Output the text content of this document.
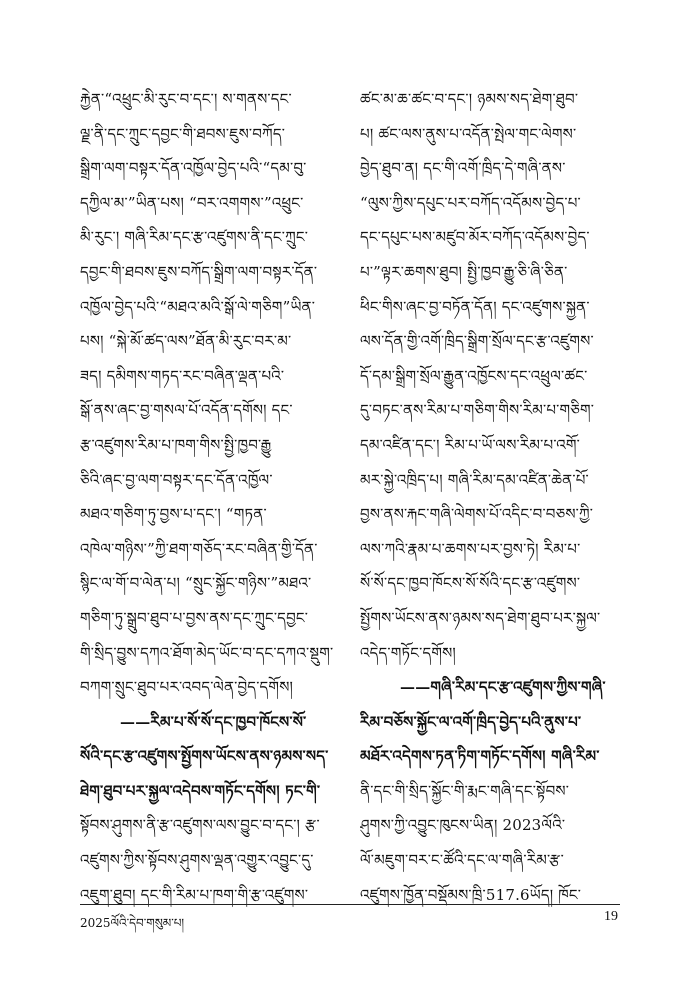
རྐྱེན་“འཕྲུང་མི་རུང་བ་དང་། ས་གནས་དང་
ལྗ་ནི་དང་ཀྲུང་དབྱང་གི་ཐབས་ཇུས་བཀོད་
སྒྲིག་ལག་བསྟར་དོན་འཁྱོལ་བྱེད་པའི་“དམ་བུ་
དཀྱིལ་མ་”ཡིན་པས། “བར་འགགས་”འཕྲུང་
མི་རུང་། གཞི་རིམ་དང་རྩ་འཛུགས་ནི་དང་ཀྲུང་
དབྱང་གི་ཐབས་ཇུས་བཀོད་སྒྲིག་ལག་བསྟར་དོན་
འཁྱོལ་བྱེད་པའི་“མཐའ་མའི་སྒོ་ལེ་གཅིག”ཡིན་
པས། “སྐེ་མོ་ཚད་ལས”ཐོན་མི་རུང་བར་མ་
ཟད། དམིགས་གཏད་རང་བཞིན་ལྡན་པའི་
སྒོ་ནས་ཞང་བྱ་གསལ་པོ་འདོན་དགོས། དང་
རྩ་འཛུགས་རིམ་པ་ཁག་གིས་སྤྱི་ཁྱབ་རྒྱུ
ཅིའི་ཞང་བྱ་ལག་བསྟར་དང་དོན་འཁྱོལ་
མཐའ་གཅིག་ཏུ་བྱས་པ་དང་། “གཏན་
འཁེལ་གཉིས་”ཀྱི་ཐག་གཅོད་རང་བཞིན་གྱི་དོན་
སྙིང་ལ་གོ་བ་ལེན་པ། “སྲུང་སྐྱོང་གཉིས་”མཐའ་
གཅིག་ཏུ་སྒྲུབ་ཐུབ་པ་བྱས་ནས་དང་ཀྲུང་དབྱང་
གི་སྲིད་བྱུས་དཀའ་ཐོག་མེད་ཡོང་བ་དང་དཀའ་སྡུག་
བཀག་སྲུང་ཐུབ་པར་འབད་ལེན་བྱེད་དགོས།
——རིམ་པ་སོ་སོ་དང་ཁྱབ་ཁོངས་སོ་
སོའི་དང་རྩ་འཛུགས་སྤྱོགས་ཡོངས་ནས་ཉམས་སད་
ཐེག་ཐུབ་པར་སྐྱལ་འདེབས་གཏོང་དགོས། ཏང་གི་
སྟོབས་ཤུགས་ནི་རྩ་འཛུགས་ལས་བྱུང་བ་དང་། རྩ་
འཛུགས་ཀྱིས་སྟོབས་ཤུགས་ལྡན་འགྱུར་འབྱུང་དུ་
འཇུག་ཐུབ། དང་གི་རིམ་པ་ཁག་གི་རྩ་འཛུགས་
ཚང་མ་ཆ་ཚང་བ་དང་། ཉམས་སད་ཐེག་ཐུབ་
པ། ཚང་ལས་ནུས་པ་འདོན་སྤེལ་གང་ལེགས་
བྱེད་ཐུབ་ན། དང་གི་འགོ་ཁྲིད་དེ་གཞི་ནས་
“ལུས་ཀྱིས་དཔུང་པར་བཀོད་འདོམས་བྱེད་པ་
དང་དཔུང་པས་མཛུབ་མོར་བཀོད་འདོམས་བྱེད་
པ་”ལྟར་ཆགས་ཐུབ། སྤྱི་ཁྱབ་རྒྱུ་ཅི་ཞི་ཅིན་
ཕིང་གིས་ཞང་བྱ་བཏོན་དོན། དང་འཛུགས་སྐྱན་
ལས་དོན་གྱི་འགོ་ཁྲིད་སྒྲིག་སྲོལ་དང་རྩ་འཛུགས་
དོ་དམ་སྒྲིག་སྲོལ་རྒྱུན་འཁྱོངས་དང་འཕྲུལ་ཚང་
དུ་བཏང་ནས་རིམ་པ་གཅིག་གིས་རིམ་པ་གཅིག་
དམ་འཛིན་དང་། རིམ་པ་ཡོ་ལས་རིམ་པ་འགོ་
མར་སྐྱེ་འཁྲིད་པ། གཞི་རིམ་དམ་འཛིན་ཆེན་པོ་
བྱས་ནས་རྐང་གཞི་ལེགས་པོ་འདིང་བ་བཅས་ཀྱི་
ལས་ཀའི་རྣམ་པ་ཆགས་པར་བྱས་ཏེ། རིམ་པ་
སོ་སོ་དང་ཁྱབ་ཁོངས་སོ་སོའི་དང་རྩ་འཛུགས་
སྤྱོགས་ཡོངས་ནས་ཉམས་སད་ཐེག་ཐུབ་པར་སྐྱལ་
འདེད་གཏོང་དགོས།
——གཞི་རིམ་དང་རྩ་འཛུགས་ཀྱིས་གཞི་
རིམ་བཅོས་སྐྱོང་ལ་འགོ་ཁྲིད་བྱེད་པའི་ནུས་པ་
མཐོར་འདེགས་ཏན་ཏིག་གཏོང་དགོས། གཞི་རིམ་
ནི་དང་གི་སྲིད་སྐྱོང་གི་རྨང་གཞི་དང་སྟོབས་
ཤུགས་ཀྱི་འབྱུང་ཁུངས་ཡིན། 2023ལོའི་
ལོ་མཇུག་བར་ང་ཚོའི་དང་ལ་གཞི་རིམ་རྩ་
འཛུགས་ཁྱོན་བསྡོམས་ཁྲི་517.6ཡོད། ཁོང་
2025ལོའི་དེབ་གསུམ་པ།	19
